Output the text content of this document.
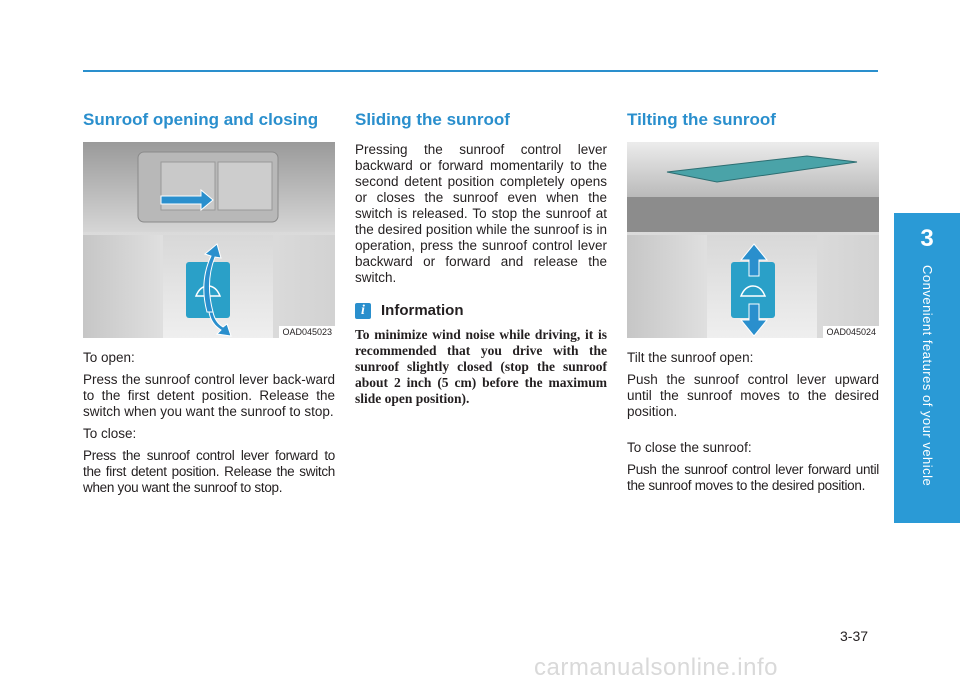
3
Convenient features of your vehicle
Sunroof opening and closing
OAD045023

To open:

Press the sunroof control lever back-ward to the first detent position. Release the switch when you want the sunroof to stop.

To close:

Press the sunroof control lever forward to the first detent position. Release the switch when you want the sunroof to stop.

Sliding the sunroof

Pressing the sunroof control lever backward or forward momentarily to the second detent position completely opens or closes the sunroof even when the switch is released. To stop the sunroof at the desired position while the sunroof is in operation, press the sunroof control lever backward or forward and release the switch.

i	Information
To minimize wind noise while driving, it is recommended that you drive with the sunroof slightly closed (stop the sunroof about 2 inch (5 cm) before the maximum slide open position).
Tilting the sunroof
OAD045024

Tilt the sunroof open:

Push the sunroof control lever upward until the sunroof moves to the desired position.

To close the sunroof:

Push the sunroof control lever forward until the sunroof moves to the desired position.

3-37
carmanualsonline.info
